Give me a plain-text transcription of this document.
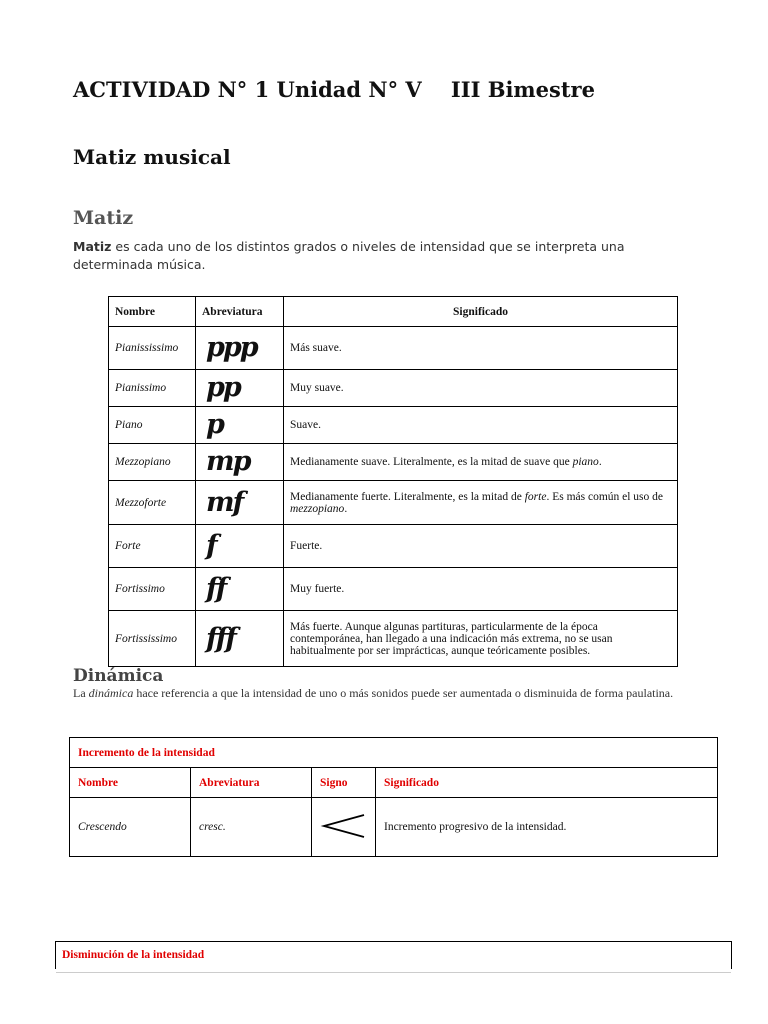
ACTIVIDAD N° 1 Unidad N° V    III Bimestre
Matiz musical
Matiz
Matiz es cada uno de los distintos grados o niveles de intensidad que se interpreta una determinada música.
Nombre	Abreviatura	Significado
Pianississimo	ppp	Más suave.
Pianissimo	pp	Muy suave.
Piano	p	Suave.
Mezzopiano	mp	Medianamente suave. Literalmente, es la mitad de suave que piano.
Mezzoforte	mf	Medianamente fuerte. Literalmente, es la mitad de forte. Es más común el uso de mezzopiano.
Forte	f	Fuerte.
Fortissimo	ff	Muy fuerte.
Fortississimo	fff	Más fuerte. Aunque algunas partituras, particularmente de la época contemporánea, han llegado a una indicación más extrema, no se usan habitualmente por ser imprácticas, aunque teóricamente posibles.
Dinámica
La dinámica hace referencia a que la intensidad de uno o más sonidos puede ser aumentada o disminuida de forma paulatina.
Incremento de la intensidad			
Nombre	Abreviatura	Signo	Significado
Crescendo	cresc.		Incremento progresivo de la intensidad.
Disminución de la intensidad
